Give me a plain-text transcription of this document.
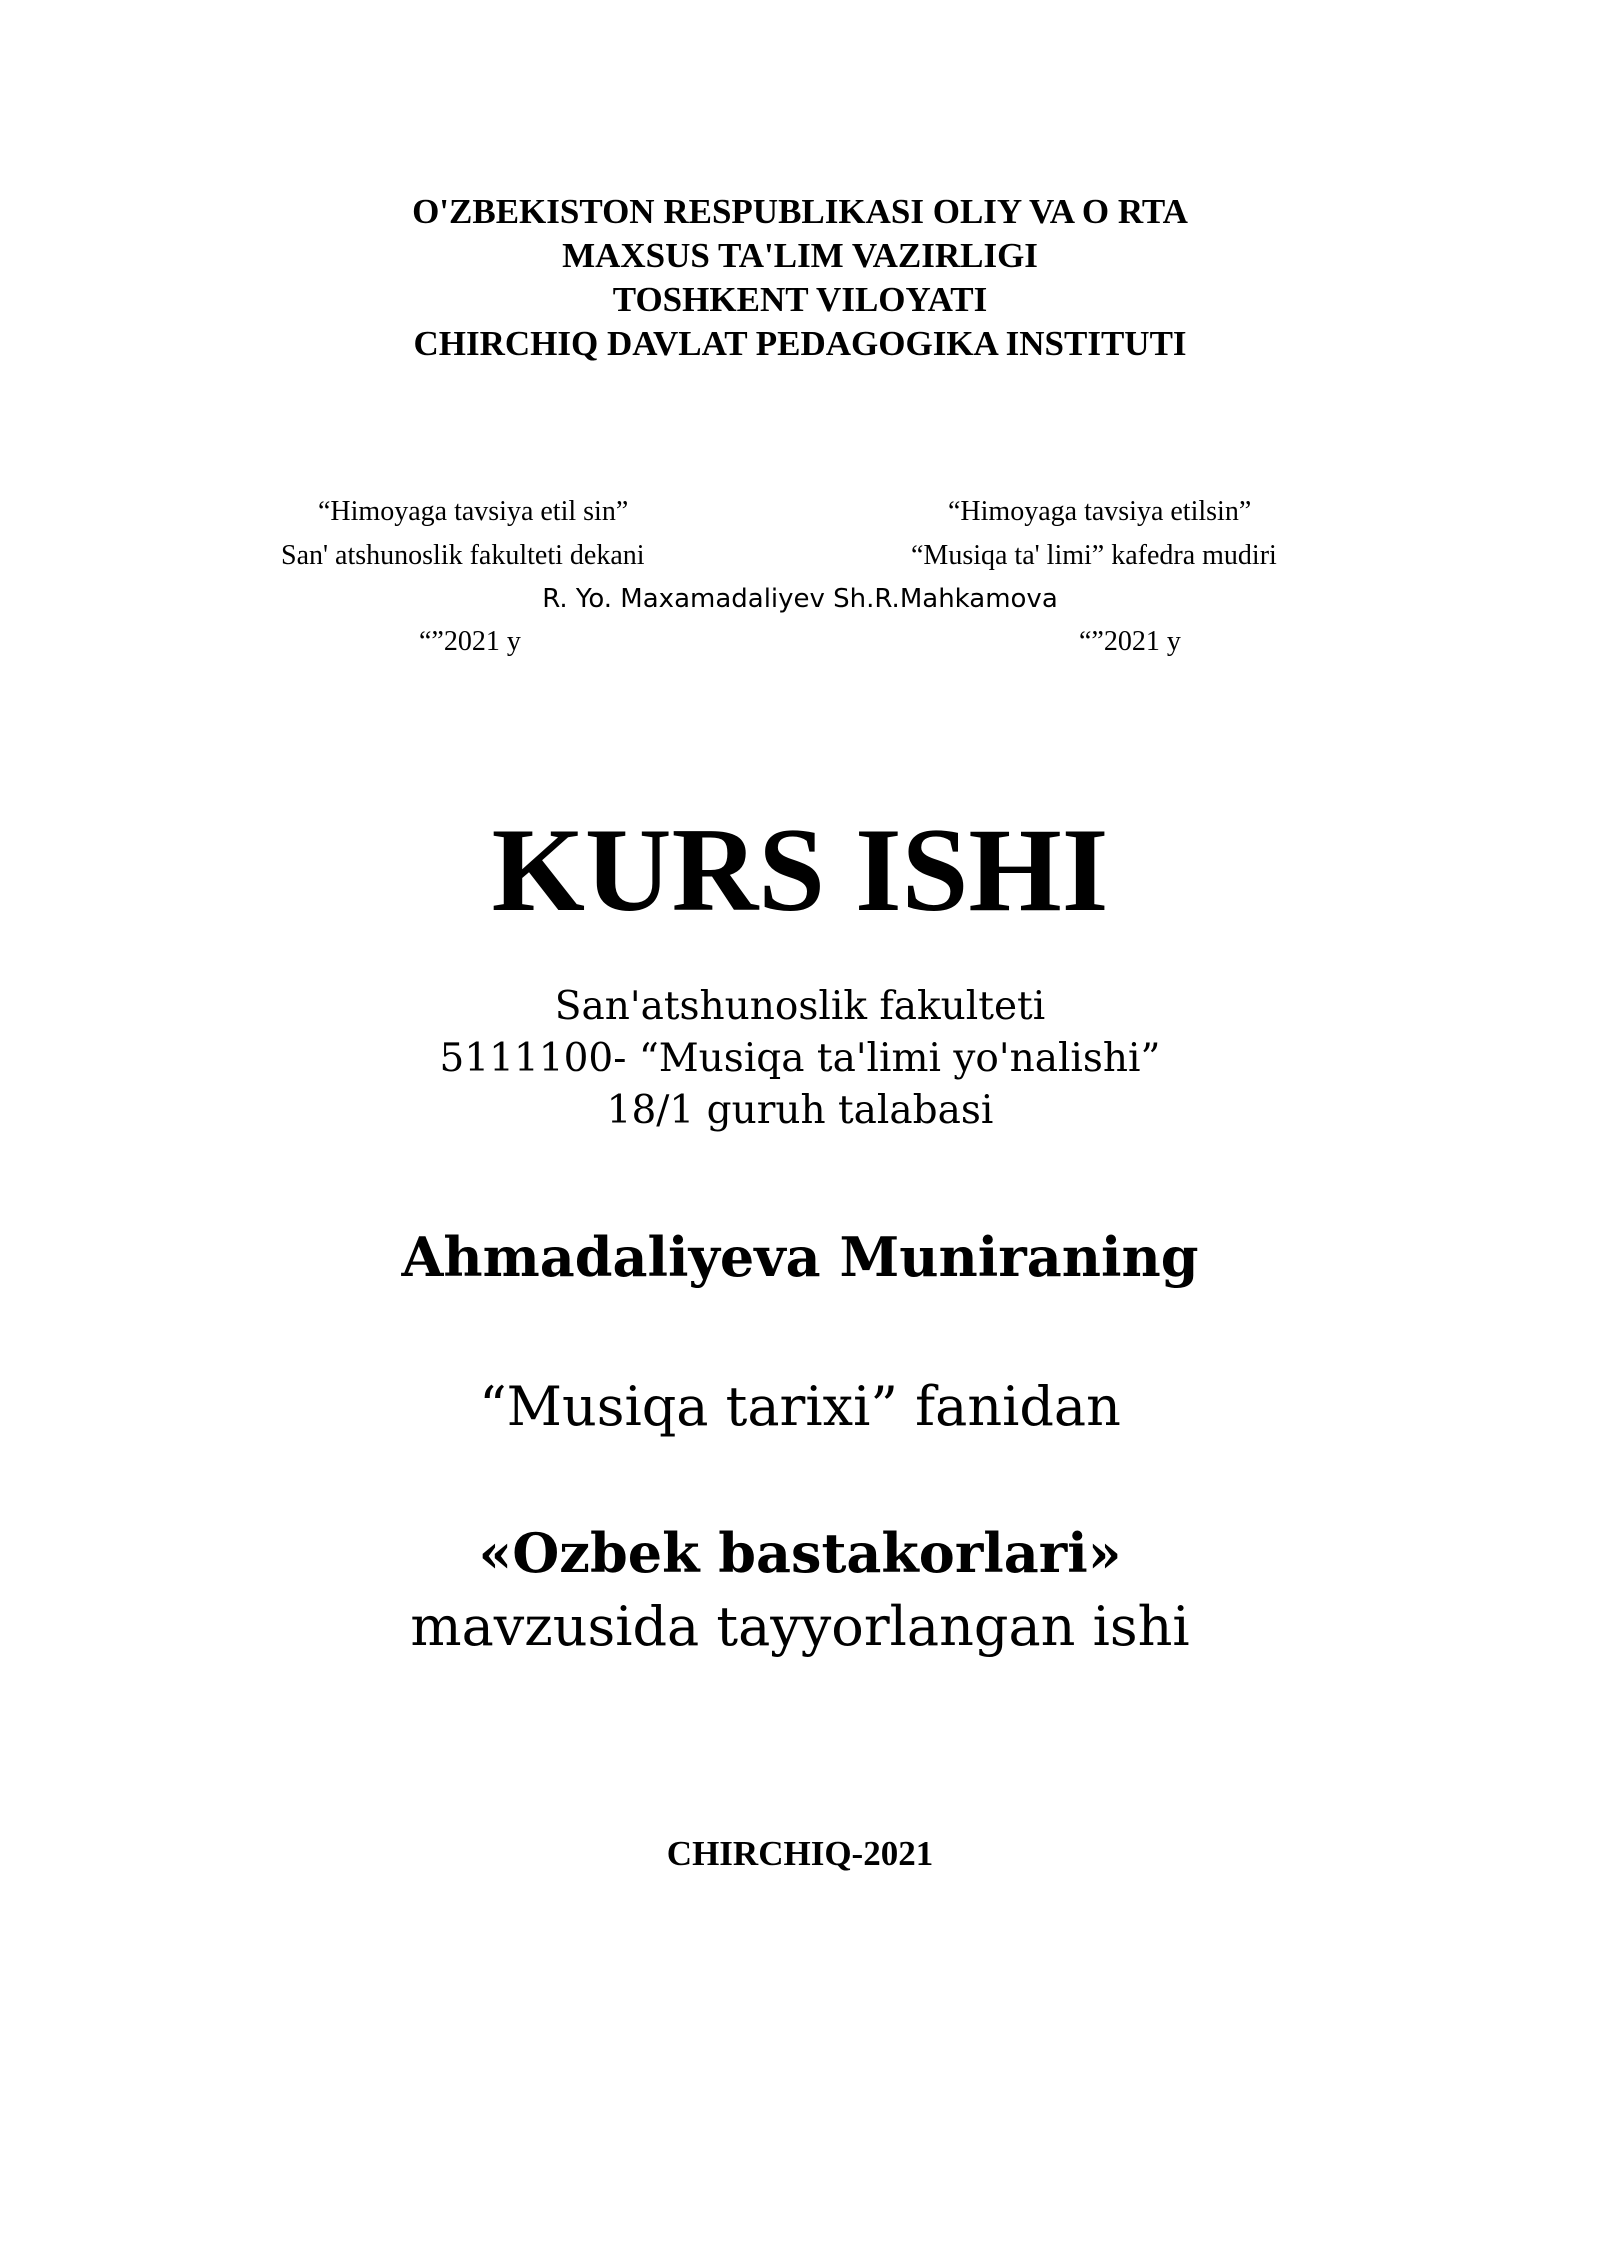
O'ZBEKISTON RESPUBLIKASI OLIY VA O RTA
MAXSUS TA'LIM VAZIRLIGI
TOSHKENT VILOYATI
CHIRCHIQ DAVLAT PEDAGOGIKA INSTITUTI
“Himoyaga tavsiya etil sin”	“Himoyaga tavsiya etilsin”
San' atshunoslik fakulteti dekani	“Musiqa ta' limi” kafedra mudiri
R. Yo. Maxamadaliyev Sh.R.Mahkamova
“”2021 y	“”2021 y
KURS ISHI
San'atshunoslik fakulteti
5111100- “Musiqa ta'limi yo'nalishi”
18/1 guruh talabasi
Ahmadaliyeva Muniraning
“Musiqa tarixi” fanidan
«Ozbek bastakorlari»
mavzusida tayyorlangan ishi
CHIRCHIQ-2021
